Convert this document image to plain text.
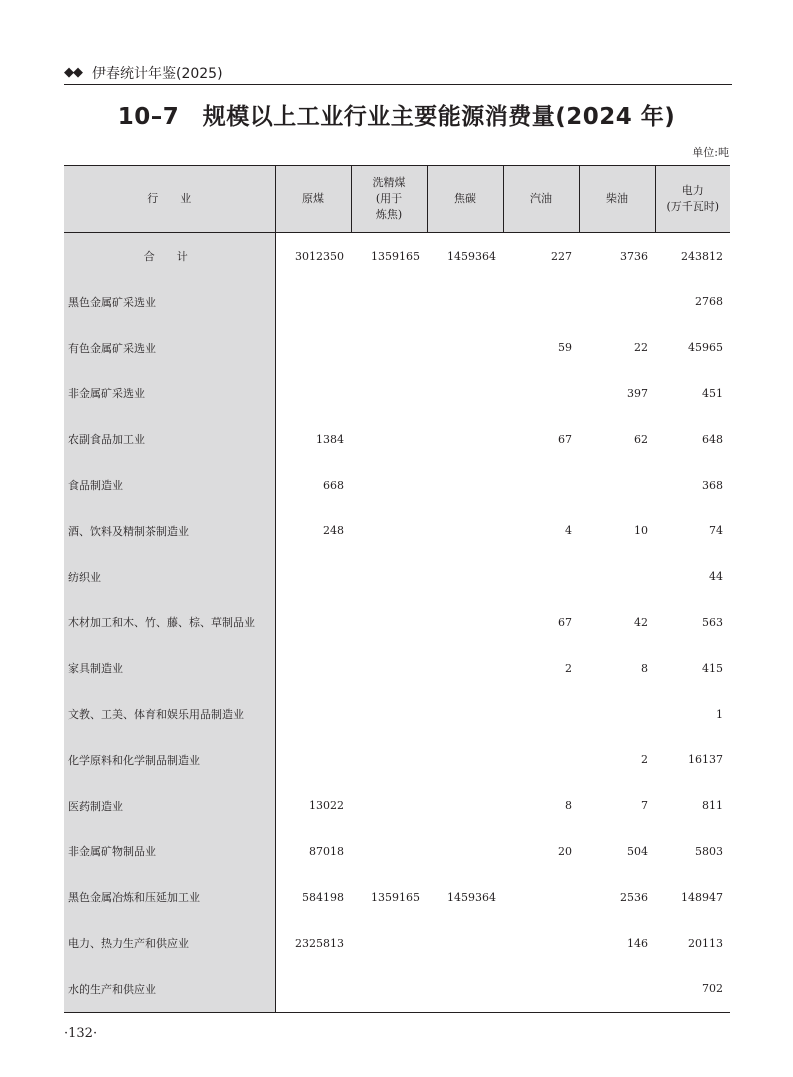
◆◆ 伊春统计年鉴(2025)
10–7　规模以上工业行业主要能源消费量(2024 年)
单位:吨
行　　业	原煤	洗精煤
(用于
炼焦)	焦碳	汽油	柴油	电力
(万千瓦时)
合　　计	3012350	1359165	1459364	227	3736	243812
黑色金属矿采选业						2768
有色金属矿采选业				59	22	45965
非金属矿采选业					397	451
农副食品加工业	1384			67	62	648
食品制造业	668					368
酒、饮料及精制茶制造业	248			4	10	74
纺织业						44
木材加工和木、竹、藤、棕、草制品业				67	42	563
家具制造业				2	8	415
文教、工美、体育和娱乐用品制造业						1
化学原料和化学制品制造业					2	16137
医药制造业	13022			8	7	811
非金属矿物制品业	87018			20	504	5803
黑色金属冶炼和压延加工业	584198	1359165	1459364		2536	148947
电力、热力生产和供应业	2325813				146	20113
水的生产和供应业						702
·132·
